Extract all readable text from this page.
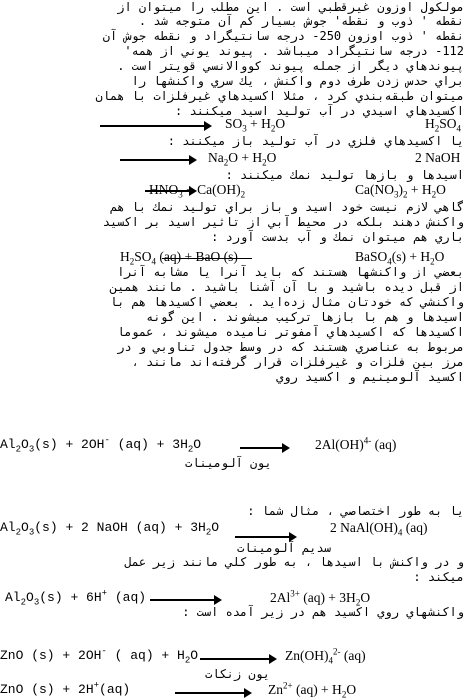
مولكول اوزون غيرقطبي است . اين مطلب را ميتوان از
نقطه ' ذوب و نقطه' جوش بسيار كم آن متوجه شد .
نقطه ' ذوب اوزون 250- درجه سانتيگراد و نقطه جوش آن
112- درجه سانتيگراد ميباشد . پيوند يوني از همه'
پيوندهاي ديگر از جمله پيوند كووالانسي قويتر است .
براي حدس زدن طرف دوم واكنش ، يك سري واكنشها را
ميتوان طبقه‌بندي كرد ، مثلا اكسيدهاي غيرفلزات با همان
اكسيدهاي اسيدي در آب توليد اسيد ميكنند :
$SO_3 + H_2O$	$H_2SO_4$
يا اكسيدهاي فلزي در آب توليد باز ميكنند :
$Na_2O + H_2O$	2 NaOH
اسيدها و بازها توليد نمك ميكنند :
$HNO_3 + Ca(OH)_2$	$Ca(NO_3)_2 + H_2O$
گاهي لازم نيست خود اسيد و باز براي توليد نمك با هم
واكنش دهند بلكه در محيط آبي از تاثير اسيد بر اكسيد
باري هم ميتوان نمك و آب بدست آورد :
$H_2SO_4$ (aq) + BaO (s)	BaSO$_4$(s) + $H_2O$
بعضي از واكنشها هستند كه بايد آنرا يا مشابه آنرا
از قبل ديده باشيد و با آن آشنا باشيد . مانند همين
واكنشي كه خودتان مثال زده‌ايد . بعضي اكسيدها هم با
اسيدها و هم با بازها تركيب ميشوند . اين گونه
اكسيدها كه اكسيدهاي آمفوتر ناميده ميشوند ، عموما
مربوط به عناصري هستند كه در وسط جدول تناوبي و در
مرز بين فلزات و غيرفلزات قرار گرفته‌اند مانند ،
اكسيد آلومينيم و اكسيد روي
$Al_2O_3(s) + 2OH^-$ $(aq) + 3H_2O$	2Al(OH)$^{4-}$ (aq)
يون آلومينات
يا به طور اختصاصي ، مثال شما :
$Al_2O_3(s) + 2$ NaOH $(aq) + 3H_2O$	2 $NaAl(OH)_4$ (aq)
سديم آلومينات
و در واكنش با اسيدها ، به طور كلي مانند زير عمل
ميكند :
$Al_2O_3(s) + 6H^+$ (aq)	$2Al^{3+}$ $(aq) + 3H_2O$
واكنشهاي روي اكسيد هم در زير آمده است :
ZnO (s) + 2OH- ( $aq) + H_2O$	$Zn(OH)_4^{2-}$ (aq)
يون زنكات
ZnO (s) + 2H+(aq)	$Zn^{2+}$ $(aq) + H_2O$
